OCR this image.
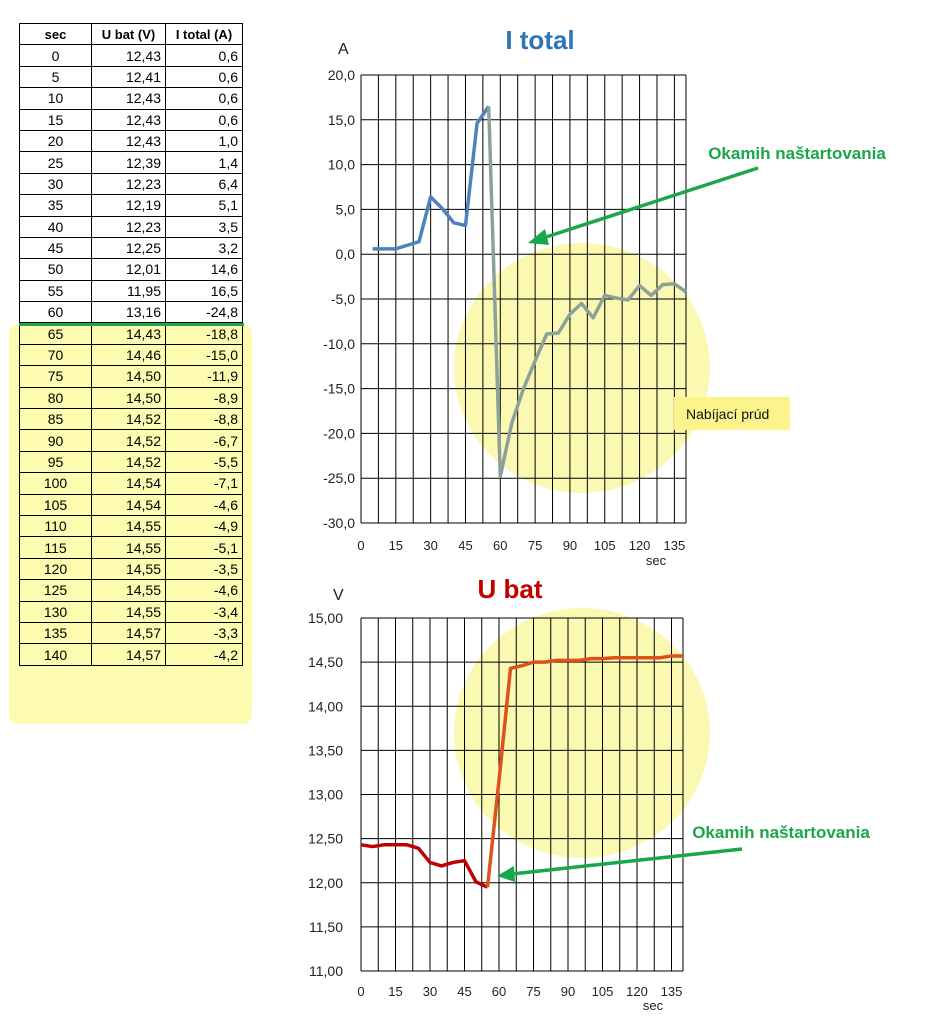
sec	U bat (V)	I total (A)
0	12,43	0,6
5	12,41	0,6
10	12,43	0,6
15	12,43	0,6
20	12,43	1,0
25	12,39	1,4
30	12,23	6,4
35	12,19	5,1
40	12,23	3,5
45	12,25	3,2
50	12,01	14,6
55	11,95	16,5
60	13,16	-24,8
65	14,43	-18,8
70	14,46	-15,0
75	14,50	-11,9
80	14,50	-8,9
85	14,52	-8,8
90	14,52	-6,7
95	14,52	-5,5
100	14,54	-7,1
105	14,54	-4,6
110	14,55	-4,9
115	14,55	-5,1
120	14,55	-3,5
125	14,55	-4,6
130	14,55	-3,4
135	14,57	-3,3
140	14,57	-4,2
20,0
15,0
10,0
5,0
0,0
-5,0
-10,0
-15,0
-20,0
-25,0
-30,0
0 15 30 45 60 75 90 105 120 135
sec
A	I total
15,00
14,50
14,00
13,50
13,00
12,50
12,00
11,50
11,00
0 15 30 45 60 75 90 105 120 135
sec
V	U bat
Okamih naštartovania
Nabíjací prúd
Okamih naštartovania
